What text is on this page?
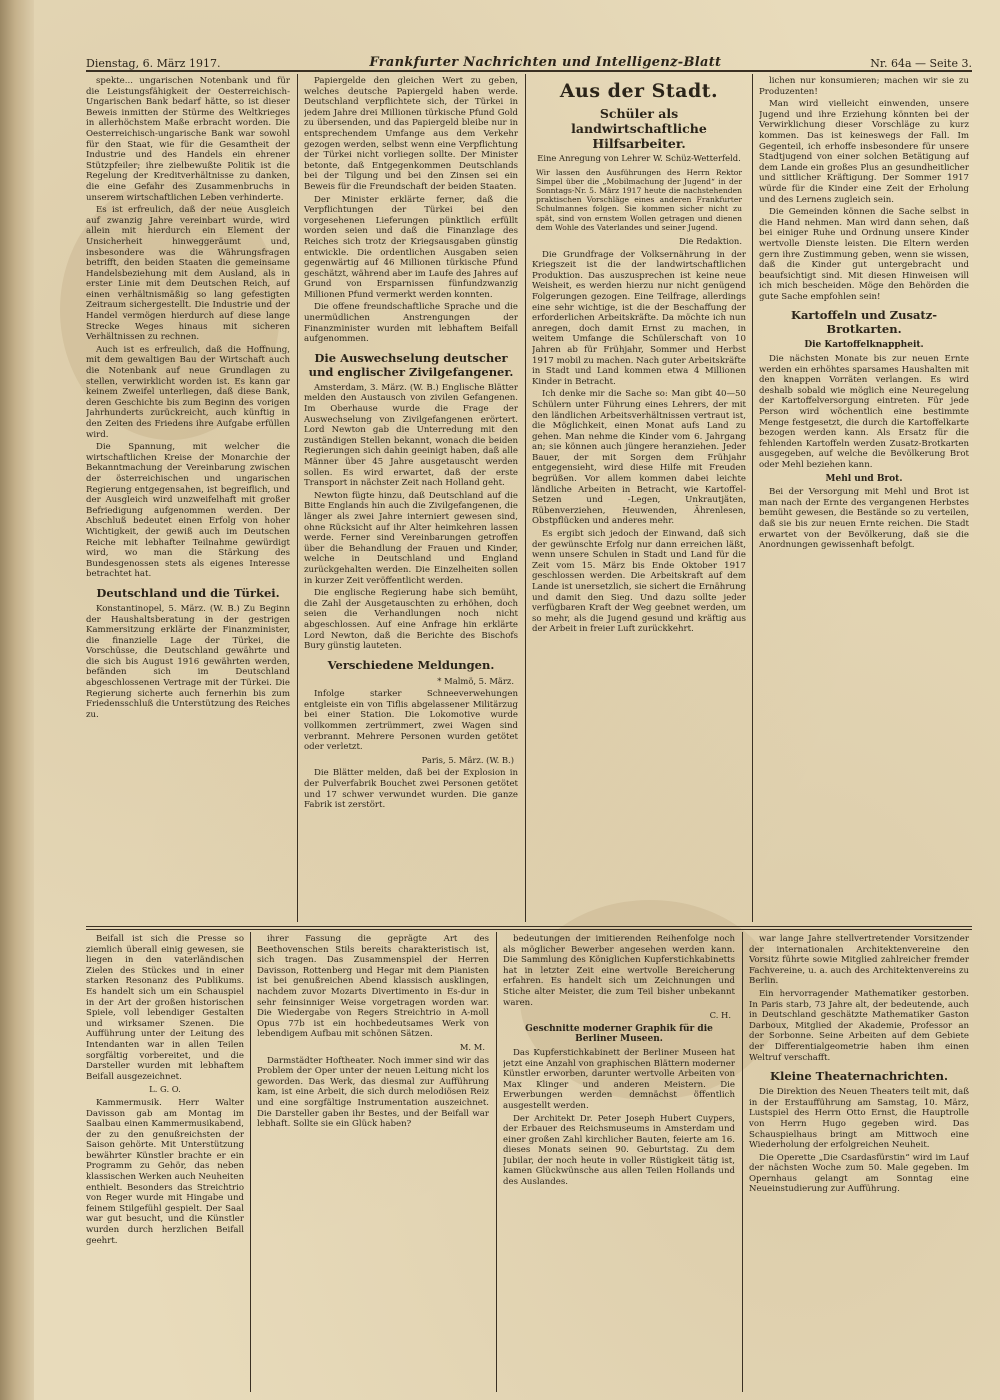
Dienstag, 6. März 1917.	Frankfurter Nachrichten und Intelligenz-Blatt	Nr. 64a — Seite 3.

spekte... ungarischen Notenbank und für die Leistungsfähigkeit der Oesterreichisch-Ungarischen Bank bedarf hätte, so ist dieser Beweis inmitten der Stürme des Weltkrieges in allerhöchstem Maße erbracht worden. Die Oesterreichisch-ungarische Bank war sowohl für den Staat, wie für die Gesamtheit der Industrie und des Handels ein ehrener Stützpfeiler; ihre zielbewußte Politik ist die Regelung der Kreditverhältnisse zu danken, die eine Gefahr des Zusammenbruchs in unserem wirtschaftlichen Leben verhinderte.

Es ist erfreulich, daß der neue Ausgleich auf zwanzig Jahre vereinbart wurde, wird allein mit hierdurch ein Element der Unsicherheit hinweggeräumt und, insbesondere was die Währungsfragen betrifft, den beiden Staaten die gemeinsame Handelsbeziehung mit dem Ausland, als in erster Linie mit dem Deutschen Reich, auf einen verhältnismäßig so lang gefestigten Zeitraum sichergestellt. Die Industrie und der Handel vermögen hierdurch auf diese lange Strecke Weges hinaus mit sicheren Verhältnissen zu rechnen.

Auch ist es erfreulich, daß die Hoffnung, mit dem gewaltigen Bau der Wirtschaft auch die Notenbank auf neue Grundlagen zu stellen, verwirklicht worden ist. Es kann gar keinem Zweifel unterliegen, daß diese Bank, deren Geschichte bis zum Beginn des vorigen Jahrhunderts zurückreicht, auch künftig in den Zeiten des Friedens ihre Aufgabe erfüllen wird.

Die Spannung, mit welcher die wirtschaftlichen Kreise der Monarchie der Bekanntmachung der Vereinbarung zwischen der österreichischen und ungarischen Regierung entgegensahen, ist begreiflich, und der Ausgleich wird unzweifelhaft mit großer Befriedigung aufgenommen werden. Der Abschluß bedeutet einen Erfolg von hoher Wichtigkeit, der gewiß auch im Deutschen Reiche mit lebhafter Teilnahme gewürdigt wird, wo man die Stärkung des Bundesgenossen stets als eigenes Interesse betrachtet hat.

Deutschland und die Türkei.

Konstantinopel, 5. März. (W. B.) Zu Beginn der Haushaltsberatung in der gestrigen Kammersitzung erklärte der Finanzminister, die finanzielle Lage der Türkei, die Vorschüsse, die Deutschland gewährte und die sich bis August 1916 gewährten werden, befänden sich im Deutschland abgeschlossenen Vertrage mit der Türkei. Die Regierung sicherte auch fernerhin bis zum Friedensschluß die Unterstützung des Reiches zu.

Papiergelde den gleichen Wert zu geben, welches deutsche Papiergeld haben werde. Deutschland verpflichtete sich, der Türkei in jedem Jahre drei Millionen türkische Pfund Gold zu übersenden, und das Papiergeld bleibe nur in entsprechendem Umfange aus dem Verkehr gezogen werden, selbst wenn eine Verpflichtung der Türkei nicht vorliegen sollte. Der Minister betonte, daß Entgegenkommen Deutschlands bei der Tilgung und bei den Zinsen sei ein Beweis für die Freundschaft der beiden Staaten.

Der Minister erklärte ferner, daß die Verpflichtungen der Türkei bei den vorgesehenen Lieferungen pünktlich erfüllt worden seien und daß die Finanzlage des Reiches sich trotz der Kriegsausgaben günstig entwickle. Die ordentlichen Ausgaben seien gegenwärtig auf 46 Millionen türkische Pfund geschätzt, während aber im Laufe des Jahres auf Grund von Ersparnissen fünfundzwanzig Millionen Pfund vermerkt werden konnten.

Die offene freundschaftliche Sprache und die unermüdlichen Anstrengungen der Finanzminister wurden mit lebhaftem Beifall aufgenommen.

Die Auswechselung deutscher und englischer Zivilgefangener.

Amsterdam, 3. März. (W. B.) Englische Blätter melden den Austausch von zivilen Gefangenen. Im Oberhause wurde die Frage der Auswechselung von Zivilgefangenen erörtert. Lord Newton gab die Unterredung mit den zuständigen Stellen bekannt, wonach die beiden Regierungen sich dahin geeinigt haben, daß alle Männer über 45 Jahre ausgetauscht werden sollen. Es wird erwartet, daß der erste Transport in nächster Zeit nach Holland geht.

Newton fügte hinzu, daß Deutschland auf die Bitte Englands hin auch die Zivilgefangenen, die länger als zwei Jahre interniert gewesen sind, ohne Rücksicht auf ihr Alter heimkehren lassen werde. Ferner sind Vereinbarungen getroffen über die Behandlung der Frauen und Kinder, welche in Deutschland und England zurückgehalten werden. Die Einzelheiten sollen in kurzer Zeit veröffentlicht werden.

Die englische Regierung habe sich bemüht, die Zahl der Ausgetauschten zu erhöhen, doch seien die Verhandlungen noch nicht abgeschlossen. Auf eine Anfrage hin erklärte Lord Newton, daß die Berichte des Bischofs Bury günstig lauteten.

Verschiedene Meldungen.
* Malmö, 5. März.

Infolge starker Schneeverwehungen entgleiste ein von Tiflis abgelassener Militärzug bei einer Station. Die Lokomotive wurde vollkommen zertrümmert, zwei Wagen sind verbrannt. Mehrere Personen wurden getötet oder verletzt.

Paris, 5. März. (W. B.)

Die Blätter melden, daß bei der Explosion in der Pulverfabrik Bouchet zwei Personen getötet und 17 schwer verwundet wurden. Die ganze Fabrik ist zerstört.

Aus der Stadt.
Schüler als landwirtschaftliche Hilfsarbeiter.
Eine Anregung von Lehrer W. Schüz-Wetterfeld.
Wir lassen den Ausführungen des Herrn Rektor Simpel über die „Mobilmachung der Jugend“ in der Sonntags-Nr. 5. März 1917 heute die nachstehenden praktischen Vorschläge eines anderen Frankfurter Schulmannes folgen. Sie kommen sicher nicht zu spät, sind von ernstem Wollen getragen und dienen dem Wohle des Vaterlandes und seiner Jugend.
Die Redaktion.

Die Grundfrage der Volksernährung in der Kriegszeit ist die der landwirtschaftlichen Produktion. Das auszusprechen ist keine neue Weisheit, es werden hierzu nur nicht genügend Folgerungen gezogen. Eine Teilfrage, allerdings eine sehr wichtige, ist die der Beschaffung der erforderlichen Arbeitskräfte. Da möchte ich nun anregen, doch damit Ernst zu machen, in weitem Umfange die Schülerschaft von 10 Jahren ab für Frühjahr, Sommer und Herbst 1917 mobil zu machen. Nach guter Arbeitskräfte in Stadt und Land kommen etwa 4 Millionen Kinder in Betracht.

Ich denke mir die Sache so: Man gibt 40—50 Schülern unter Führung eines Lehrers, der mit den ländlichen Arbeitsverhältnissen vertraut ist, die Möglichkeit, einen Monat aufs Land zu gehen. Man nehme die Kinder vom 6. Jahrgang an; sie können auch jüngere heranziehen. Jeder Bauer, der mit Sorgen dem Frühjahr entgegensieht, wird diese Hilfe mit Freuden begrüßen. Vor allem kommen dabei leichte ländliche Arbeiten in Betracht, wie Kartoffel-Setzen und -Legen, Unkrautjäten, Rübenverziehen, Heuwenden, Ährenlesen, Obstpflücken und anderes mehr.

Es ergibt sich jedoch der Einwand, daß sich der gewünschte Erfolg nur dann erreichen läßt, wenn unsere Schulen in Stadt und Land für die Zeit vom 15. März bis Ende Oktober 1917 geschlossen werden. Die Arbeitskraft auf dem Lande ist unersetzlich, sie sichert die Ernährung und damit den Sieg. Und dazu sollte jeder verfügbaren Kraft der Weg geebnet werden, um so mehr, als die Jugend gesund und kräftig aus der Arbeit in freier Luft zurückkehrt.

lichen nur konsumieren; machen wir sie zu Produzenten!

Man wird vielleicht einwenden, unsere Jugend und ihre Erziehung könnten bei der Verwirklichung dieser Vorschläge zu kurz kommen. Das ist keineswegs der Fall. Im Gegenteil, ich erhoffe insbesondere für unsere Stadtjugend von einer solchen Betätigung auf dem Lande ein großes Plus an gesundheitlicher und sittlicher Kräftigung. Der Sommer 1917 würde für die Kinder eine Zeit der Erholung und des Lernens zugleich sein.

Die Gemeinden können die Sache selbst in die Hand nehmen. Man wird dann sehen, daß bei einiger Ruhe und Ordnung unsere Kinder wertvolle Dienste leisten. Die Eltern werden gern ihre Zustimmung geben, wenn sie wissen, daß die Kinder gut untergebracht und beaufsichtigt sind. Mit diesen Hinweisen will ich mich bescheiden. Möge den Behörden die gute Sache empfohlen sein!

Kartoffeln und Zusatz-Brotkarten.
Die Kartoffelknappheit.

Die nächsten Monate bis zur neuen Ernte werden ein erhöhtes sparsames Haushalten mit den knappen Vorräten verlangen. Es wird deshalb sobald wie möglich eine Neuregelung der Kartoffelversorgung eintreten. Für jede Person wird wöchentlich eine bestimmte Menge festgesetzt, die durch die Kartoffelkarte bezogen werden kann. Als Ersatz für die fehlenden Kartoffeln werden Zusatz-Brotkarten ausgegeben, auf welche die Bevölkerung Brot oder Mehl beziehen kann.

Mehl und Brot.

Bei der Versorgung mit Mehl und Brot ist man nach der Ernte des vergangenen Herbstes bemüht gewesen, die Bestände so zu verteilen, daß sie bis zur neuen Ernte reichen. Die Stadt erwartet von der Bevölkerung, daß sie die Anordnungen gewissenhaft befolgt.

Beifall ist sich die Presse so ziemlich überall einig gewesen, sie liegen in den vaterländischen Zielen des Stückes und in einer starken Resonanz des Publikums. Es handelt sich um ein Schauspiel in der Art der großen historischen Spiele, voll lebendiger Gestalten und wirksamer Szenen. Die Aufführung unter der Leitung des Intendanten war in allen Teilen sorgfältig vorbereitet, und die Darsteller wurden mit lebhaftem Beifall ausgezeichnet.

L. G. O.

Kammermusik. Herr Walter Davisson gab am Montag im Saalbau einen Kammermusikabend, der zu den genußreichsten der Saison gehörte. Mit Unterstützung bewährter Künstler brachte er ein Programm zu Gehör, das neben klassischen Werken auch Neuheiten enthielt. Besonders das Streichtrio von Reger wurde mit Hingabe und feinem Stilgefühl gespielt. Der Saal war gut besucht, und die Künstler wurden durch herzlichen Beifall geehrt.

ihrer Fassung die geprägte Art des Beethovenschen Stils bereits charakteristisch ist, sich tragen. Das Zusammenspiel der Herren Davisson, Rottenberg und Hegar mit dem Pianisten ist bei genußreichen Abend klassisch ausklingen, nachdem zuvor Mozarts Divertimento in Es-dur in sehr feinsinniger Weise vorgetragen worden war. Die Wiedergabe von Regers Streichtrio in A-moll Opus 77b ist ein hochbedeutsames Werk von lebendigem Aufbau mit schönen Sätzen.

M. M.

Darmstädter Hoftheater. Noch immer sind wir das Problem der Oper unter der neuen Leitung nicht los geworden. Das Werk, das diesmal zur Aufführung kam, ist eine Arbeit, die sich durch melodiösen Reiz und eine sorgfältige Instrumentation auszeichnet. Die Darsteller gaben ihr Bestes, und der Beifall war lebhaft. Sollte sie ein Glück haben?

bedeutungen der imitierenden Reihenfolge noch als möglicher Bewerber angesehen werden kann. Die Sammlung des Königlichen Kupferstichkabinetts hat in letzter Zeit eine wertvolle Bereicherung erfahren. Es handelt sich um Zeichnungen und Stiche alter Meister, die zum Teil bisher unbekannt waren.

C. H.
Geschnitte moderner Graphik für die Berliner Museen.

Das Kupferstichkabinett der Berliner Museen hat jetzt eine Anzahl von graphischen Blättern moderner Künstler erworben, darunter wertvolle Arbeiten von Max Klinger und anderen Meistern. Die Erwerbungen werden demnächst öffentlich ausgestellt werden.

Der Architekt Dr. Peter Joseph Hubert Cuypers, der Erbauer des Reichsmuseums in Amsterdam und einer großen Zahl kirchlicher Bauten, feierte am 16. dieses Monats seinen 90. Geburtstag. Zu dem Jubilar, der noch heute in voller Rüstigkeit tätig ist, kamen Glückwünsche aus allen Teilen Hollands und des Auslandes.

war lange Jahre stellvertretender Vorsitzender der internationalen Architektenvereine den Vorsitz führte sowie Mitglied zahlreicher fremder Fachvereine, u. a. auch des Architektenvereins zu Berlin.

Ein hervorragender Mathematiker gestorben. In Paris starb, 73 Jahre alt, der bedeutende, auch in Deutschland geschätzte Mathematiker Gaston Darboux, Mitglied der Akademie, Professor an der Sorbonne. Seine Arbeiten auf dem Gebiete der Differentialgeometrie haben ihm einen Weltruf verschafft.

Kleine Theaternachrichten.

Die Direktion des Neuen Theaters teilt mit, daß in der Erstaufführung am Samstag, 10. März, Lustspiel des Herrn Otto Ernst, die Hauptrolle von Herrn Hugo gegeben wird. Das Schauspielhaus bringt am Mittwoch eine Wiederholung der erfolgreichen Neuheit.

Die Operette „Die Csardasfürstin“ wird im Lauf der nächsten Woche zum 50. Male gegeben. Im Opernhaus gelangt am Sonntag eine Neueinstudierung zur Aufführung.
